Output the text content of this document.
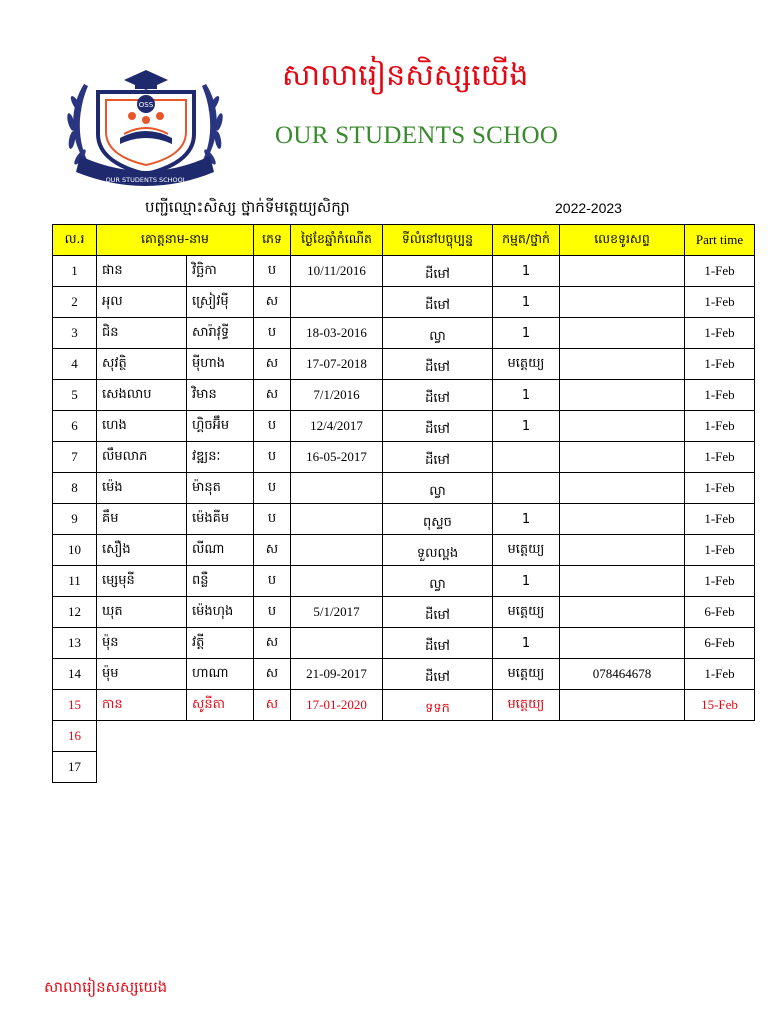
OSS
OUR STUDENTS SCHOOL
សាលារៀនសិស្សយើង
OUR STUDENTS SCHOO
បញ្ជីឈ្មោះសិស្ស ថ្នាក់ទីមត្តេយ្យសិក្សា	2022-2023
ល.រ	គោត្តនាម-នាម		ភេទ	ថ្ងៃខែឆ្នាំកំណើត	ទីលំនៅបច្ចុប្បន្ន	កម្មត/ថ្នាក់	លេខទូរសព្ទ	Part time
1	ផាន	វិច្ឆិកា	ប	10/11/2016	ដីមៅ	1		1-Feb
2	អុល	ស្រៀវម៉ី	ស		ដីមៅ	1		1-Feb
3	ជិន	សារ៉ាវុទ្ធី	ប	18-03-2016	ល្វា	1		1-Feb
4	សុវត្ថិ	ម៉ីហាង	ស	17-07-2018	ដីមៅ	មត្តេយ្យ		1-Feb
5	សេងលាប	វិមាន	ស	7/1/2016	ដីមៅ	1		1-Feb
6	ហេង	ហ្គិចអ៊ឹម	ប	12/4/2017	ដីមៅ	1		1-Feb
7	លឹមលាភ	វឌ្ឍនៈ	ប	16-05-2017	ដីមៅ			1-Feb
8	ម៉េង	ម៉ានុត	ប		ល្វា			1-Feb
9	គឹម	ម៉េងគីម	ប		ពុស្ទច	1		1-Feb
10	សឿង	លីណា	ស		ទួលល្ពង	មត្តេយ្យ		1-Feb
11	ម្សេមុនី	ពន្លឺ	ប		ល្វា	1		1-Feb
12	ឃុត	ម៉េងហុង	ប	5/1/2017	ដីមៅ	មត្តេយ្យ		6-Feb
13	ម៉ុន	វត្តី	ស		ដីមៅ	1		6-Feb
14	ម៉ុម	ហាណា	ស	21-09-2017	ដីមៅ	មត្តេយ្យ	078464678	1-Feb
15	កាន	សូនីតា	ស	17-01-2020	ទទក	មត្តេយ្យ		15-Feb
16								
17								
សាលារៀនសស្សយេង
